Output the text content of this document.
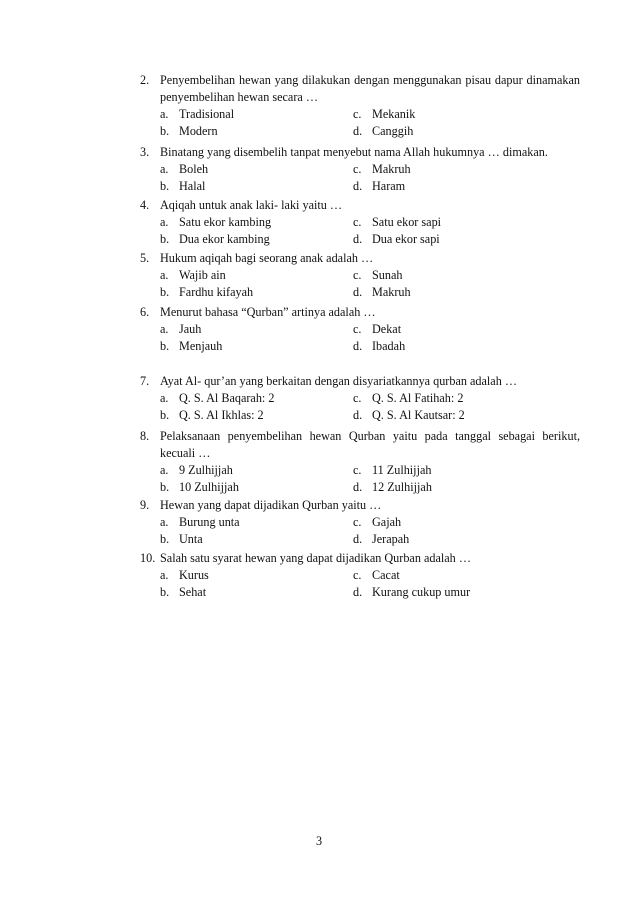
2. Penyembelihan hewan yang dilakukan dengan menggunakan pisau dapur dinamakan penyembelihan hewan secara …
a. Tradisional	c. Mekanik
b. Modern	d. Canggih
3. Binatang yang disembelih tanpat menyebut nama Allah hukumnya … dimakan.
a. Boleh	c. Makruh
b. Halal	d. Haram
4. Aqiqah untuk anak laki- laki yaitu …
a. Satu ekor kambing	c. Satu ekor sapi
b. Dua ekor kambing	d. Dua ekor sapi
5. Hukum aqiqah bagi seorang anak adalah …
a. Wajib ain	c. Sunah
b. Fardhu kifayah	d. Makruh
6. Menurut bahasa “Qurban” artinya adalah …
a. Jauh	c. Dekat
b. Menjauh	d. Ibadah
7. Ayat Al- qur’an yang berkaitan dengan disyariatkannya qurban adalah …
a. Q. S. Al Baqarah: 2	c. Q. S. Al Fatihah: 2
b. Q. S. Al Ikhlas: 2	d. Q. S. Al Kautsar: 2
8. Pelaksanaan penyembelihan hewan Qurban yaitu pada tanggal sebagai berikut, kecuali …
a. 9 Zulhijjah	c. 11 Zulhijjah
b. 10 Zulhijjah	d. 12 Zulhijjah
9. Hewan yang dapat dijadikan Qurban yaitu …
a. Burung unta	c. Gajah
b. Unta	d. Jerapah
10. Salah satu syarat hewan yang dapat dijadikan Qurban adalah …
a. Kurus	c. Cacat
b. Sehat	d. Kurang cukup umur
3
